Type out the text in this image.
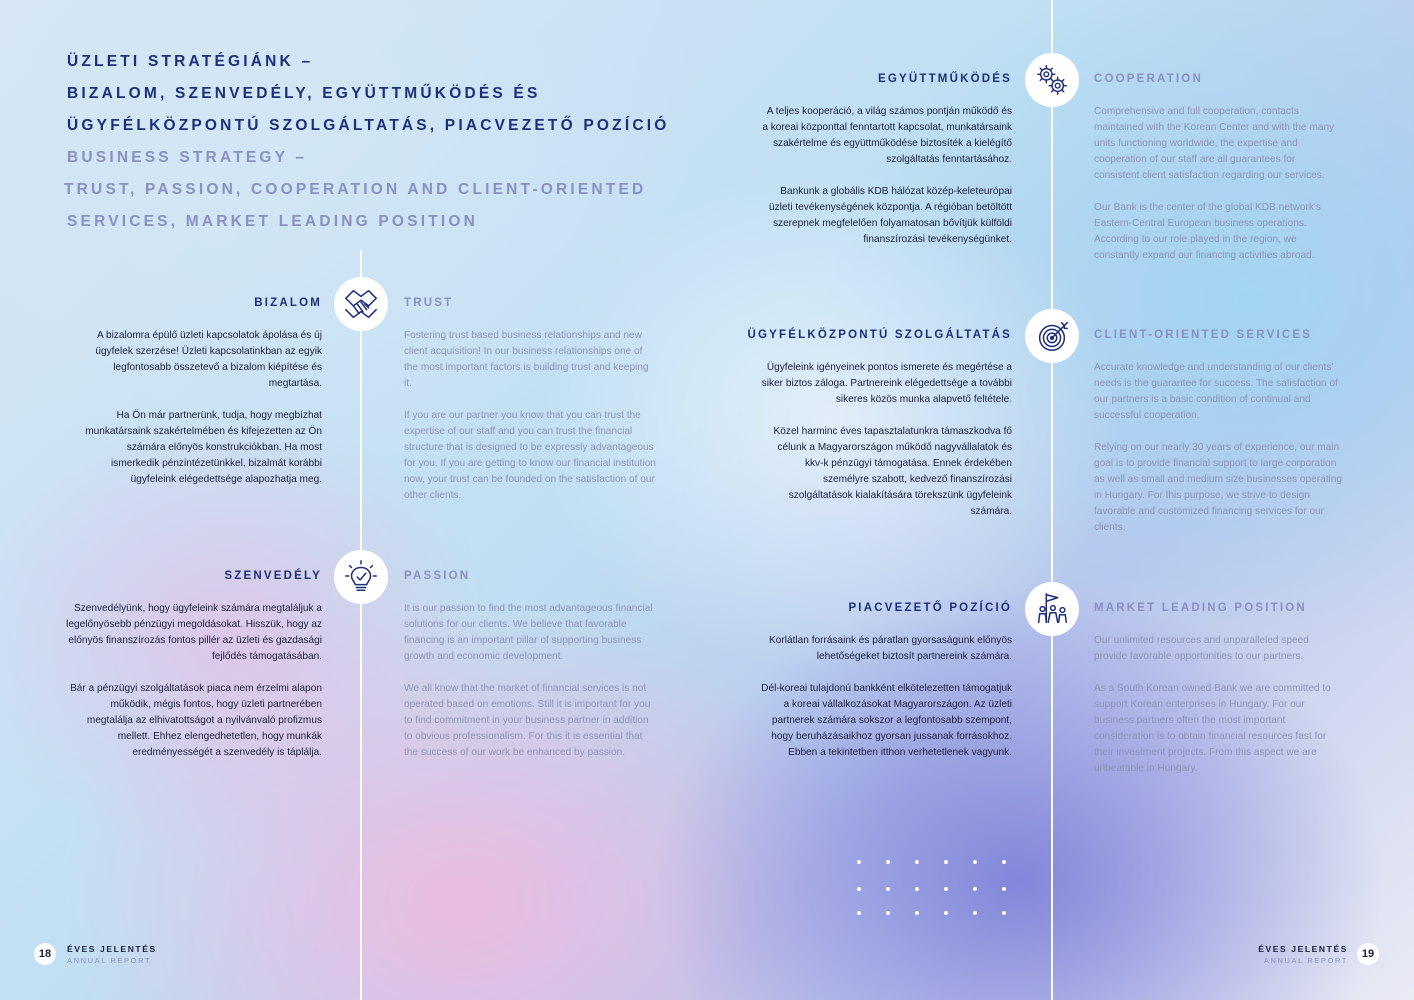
ÜZLETI STRATÉGIÁNK –
BIZALOM, SZENVEDÉLY, EGYÜTTMŰKÖDÉS ÉS
ÜGYFÉLKÖZPONTÚ SZOLGÁLTATÁS, PIACVEZETŐ POZÍCIÓ
BUSINESS STRATEGY –
TRUST, PASSION, COOPERATION AND CLIENT-ORIENTED
SERVICES, MARKET LEADING POSITION
BIZALOM	TRUST

A bizalomra épülő üzleti kapcsolatok ápolása és új ügyfelek szerzése! Üzleti kapcsolatinkban az egyik legfontosabb összetevő a bizalom kiépítése és megtartása.

Ha Ön már partnerünk, tudja, hogy megbízhat munkatársaink szakértelmében és kifejezetten az Ön számára előnyös konstrukciókban. Ha most ismerkedik pénzintézetünkkel, bizalmát korábbi ügyfeleink elégedettsége alapozhatja meg.

Fostering trust based business relationships and new client acquisition! In our business relationships one of the most important factors is building trust and keeping it.

If you are our partner you know that you can trust the expertise of our staff and you can trust the financial structure that is designed to be expressly advantageous for you. If you are getting to know our financial institution now, your trust can be founded on the satisfaction of our other clients.

SZENVEDÉLY	PASSION

Szenvedélyünk, hogy ügyfeleink számára megtaláljuk a legelőnyösebb pénzügyi megoldásokat. Hisszük, hogy az előnyös finanszírozás fontos pillér az üzleti és gazdasági fejlődés támogatásában.

Bár a pénzügyi szolgáltatások piaca nem érzelmi alapon működik, mégis fontos, hogy üzleti partnerében megtalálja az elhivatottságot a nyilvánvaló profizmus mellett. Ehhez elengedhetetlen, hogy munkák eredményességét a szenvedély is táplálja.

It is our passion to find the most advantageous financial solutions for our clients. We believe that favorable financing is an important pillar of supporting business growth and economic development.

We all know that the market of financial services is not operated based on emotions. Still it is important for you to find commitment in your business partner in addition to obvious professionalism. For this it is essential that the success of our work be enhanced by passion.

EGYÜTTMŰKÖDÉS	COOPERATION

A teljes kooperáció, a világ számos pontján működő és a koreai központtal fenntartott kapcsolat, munkatársaink szakértelme és együttműködése biztosíték a kielégítő szolgáltatás fenntartásához.

Bankunk a globális KDB hálózat közép-keleteurópai üzleti tevékenységének központja. A régióban betöltött szerepnek megfelelően folyamatosan bővítjük külföldi finanszírozási tevékenységünket.

Comprehensive and full cooperation, contacts maintained with the Korean Center and with the many units functioning worldwide, the expertise and cooperation of our staff are all guarantees for consistent client satisfaction regarding our services.

Our Bank is the center of the global KDB network's Eastern-Central European business operations. According to our role played in the region, we constantly expand our financing activities abroad.

ÜGYFÉLKÖZPONTÚ SZOLGÁLTATÁS	CLIENT-ORIENTED SERVICES

Ügyfeleink igényeinek pontos ismerete és megértése a siker biztos záloga. Partnereink elégedettsége a további sikeres közös munka alapvető feltétele.

Közel harminc éves tapasztalatunkra támaszkodva fő célunk a Magyarországon működő nagyvállalatok és kkv-k pénzügyi támogatása. Ennek érdekében személyre szabott, kedvező finanszírozási szolgáltatások kialakítására törekszünk ügyfeleink számára.

Accurate knowledge and understanding of our clients' needs is the guarantee for success. The satisfaction of our partners is a basic condition of continual and successful cooperation.

Relying on our nearly 30 years of experience, our main goal is to provide financial support to large corporation as well as small and medium size businesses operating in Hungary. For this purpose, we strive to design favorable and customized financing services for our clients.

PIACVEZETŐ POZÍCIÓ	MARKET LEADING POSITION

Korlátlan forrásaink és páratlan gyorsaságunk előnyös lehetőségeket biztosít partnereink számára.

Dél-koreai tulajdonú bankként elkötelezetten támogatjuk a koreai vállalkozásokat Magyarországon. Az üzleti partnerek számára sokszor a legfontosabb szempont, hogy beruházásaikhoz gyorsan jussanak forrásokhoz. Ebben a tekintetben itthon verhetetlenek vagyunk.

Our unlimited resources and unparalleled speed provide favorable opportunities to our partners.

As a South Korean owned Bank we are committed to support Korean enterprises in Hungary. For our business partners often the most important consideration is to obtain financial resources fast for their investment projects. From this aspect we are unbeatable in Hungary.

18	ÉVES JELENTÉS
ANNUAL REPORT
ÉVES JELENTÉS
ANNUAL REPORT
19
